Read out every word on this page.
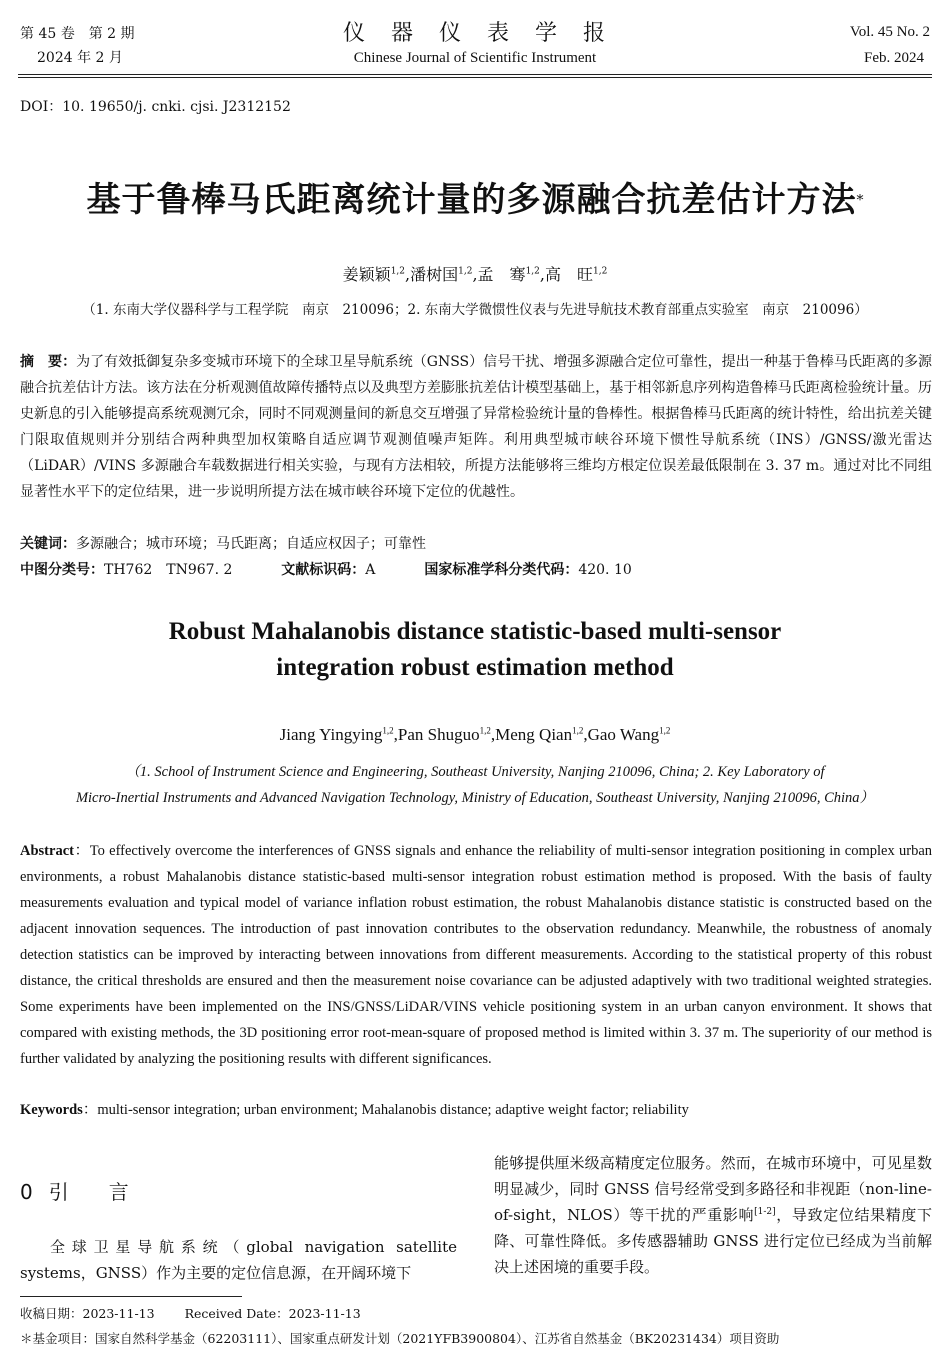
第 45 卷　第 2 期
2024 年 2 月
仪　器　仪　表　学　报
Chinese Journal of Scientific Instrument
Vol. 45 No. 2
Feb. 2024
DOI：10. 19650/j. cnki. cjsi. J2312152
基于鲁棒马氏距离统计量的多源融合抗差估计方法*
姜颖颖$^{1,2}$,潘树国$^{1,2}$,孟　骞$^{1,2}$,高　旺$^{1,2}$
（1. 东南大学仪器科学与工程学院　南京　210096；2. 东南大学微惯性仪表与先进导航技术教育部重点实验室　南京　210096）
摘　要：为了有效抵御复杂多变城市环境下的全球卫星导航系统（GNSS）信号干扰、增强多源融合定位可靠性，提出一种基于鲁棒马氏距离的多源融合抗差估计方法。该方法在分析观测值故障传播特点以及典型方差膨胀抗差估计模型基础上，基于相邻新息序列构造鲁棒马氏距离检验统计量。历史新息的引入能够提高系统观测冗余，同时不同观测量间的新息交互增强了异常检验统计量的鲁棒性。根据鲁棒马氏距离的统计特性，给出抗差关键门限取值规则并分别结合两种典型加权策略自适应调节观测值噪声矩阵。利用典型城市峡谷环境下惯性导航系统（INS）/GNSS/激光雷达（LiDAR）/VINS 多源融合车载数据进行相关实验，与现有方法相较，所提方法能够将三维均方根定位误差最低限制在 3. 37 m。通过对比不同组显著性水平下的定位结果，进一步说明所提方法在城市峡谷环境下定位的优越性。
关键词：多源融合；城市环境；马氏距离；自适应权因子；可靠性
中图分类号：TH762　TN967. 2	文献标识码：A	国家标准学科分类代码：420. 10
Robust Mahalanobis distance statistic-based multi-sensor
integration robust estimation method
Jiang Yingying$^{1,2}$,Pan Shuguo$^{1,2}$,Meng Qian$^{1,2}$,Gao Wang$^{1,2}$
（1. School of Instrument Science and Engineering, Southeast University, Nanjing 210096, China; 2. Key Laboratory of
Micro-Inertial Instruments and Advanced Navigation Technology, Ministry of Education, Southeast University, Nanjing 210096, China）
Abstract：To effectively overcome the interferences of GNSS signals and enhance the reliability of multi-sensor integration positioning in complex urban environments, a robust Mahalanobis distance statistic-based multi-sensor integration robust estimation method is proposed. With the basis of faulty measurements evaluation and typical model of variance inflation robust estimation, the robust Mahalanobis distance statistic is constructed based on the adjacent innovation sequences. The introduction of past innovation contributes to the observation redundancy. Meanwhile, the robustness of anomaly detection statistics can be improved by interacting between innovations from different measurements. According to the statistical property of this robust distance, the critical thresholds are ensured and then the measurement noise covariance can be adjusted adaptively with two traditional weighted strategies. Some experiments have been implemented on the INS/GNSS/LiDAR/VINS vehicle positioning system in an urban canyon environment. It shows that compared with existing methods, the 3D positioning error root-mean-square of proposed method is limited within 3. 37 m. The superiority of our method is further validated by analyzing the positioning results with different significances.
Keywords：multi-sensor integration; urban environment; Mahalanobis distance; adaptive weight factor; reliability
0 引　　言
全球卫星导航系统（global navigation satellite systems，GNSS）作为主要的定位信息源，在开阔环境下
能够提供厘米级高精度定位服务。然而，在城市环境中，可见星数明显减少，同时 GNSS 信号经常受到多路径和非视距（non-line-of-sight，NLOS）等干扰的严重影响[1-2]，导致定位结果精度下降、可靠性降低。多传感器辅助 GNSS 进行定位已经成为当前解决上述困境的重要手段。
收稿日期：2023-11-13 Received Date：2023-11-13
＊基金项目：国家自然科学基金（62203111）、国家重点研发计划（2021YFB3900804）、江苏省自然基金（BK20231434）项目资助
